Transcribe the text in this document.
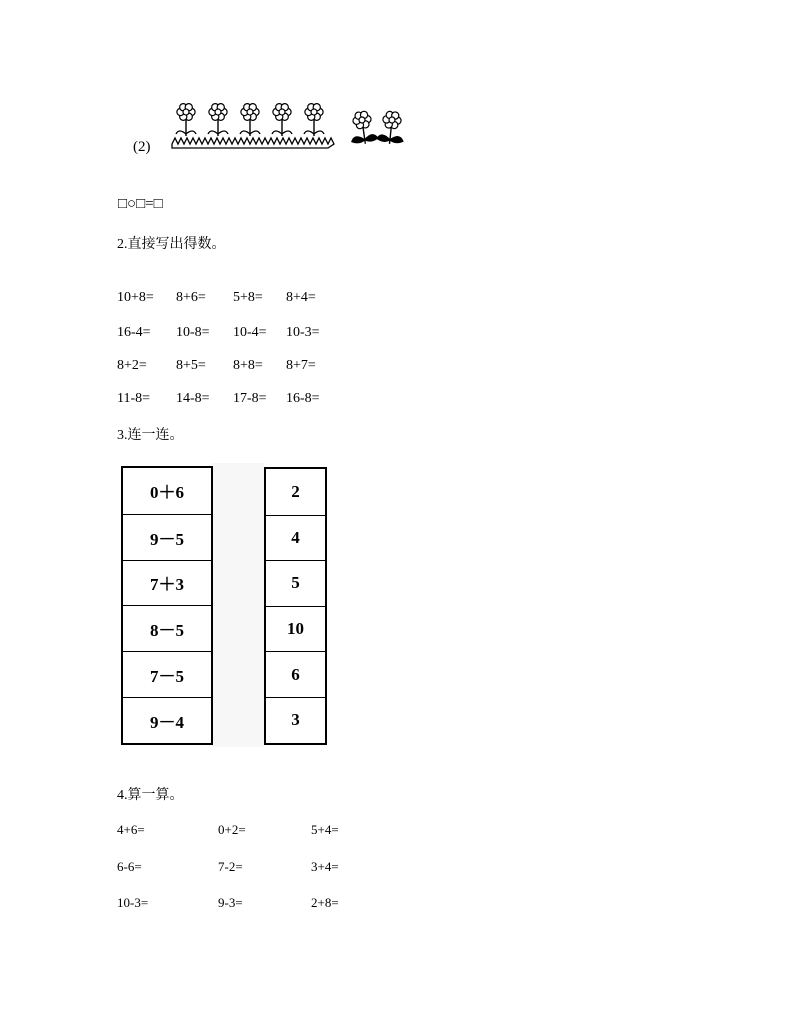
(2)
□○□=□
2.直接写出得数。
10+8= 8+6= 5+8= 8+4=
16-4= 10-8= 10-4= 10-3=
8+2= 8+5= 8+8= 8+7=
11-8= 14-8= 17-8= 16-8=
3.连一连。
0＋6
9－5
7＋3
8－5
7－5
9－4
2
4
5
10
6
3
4.算一算。
4+6=	0+2=	5+4=
6-6=	7-2=	3+4=
10-3=	9-3=	2+8=
